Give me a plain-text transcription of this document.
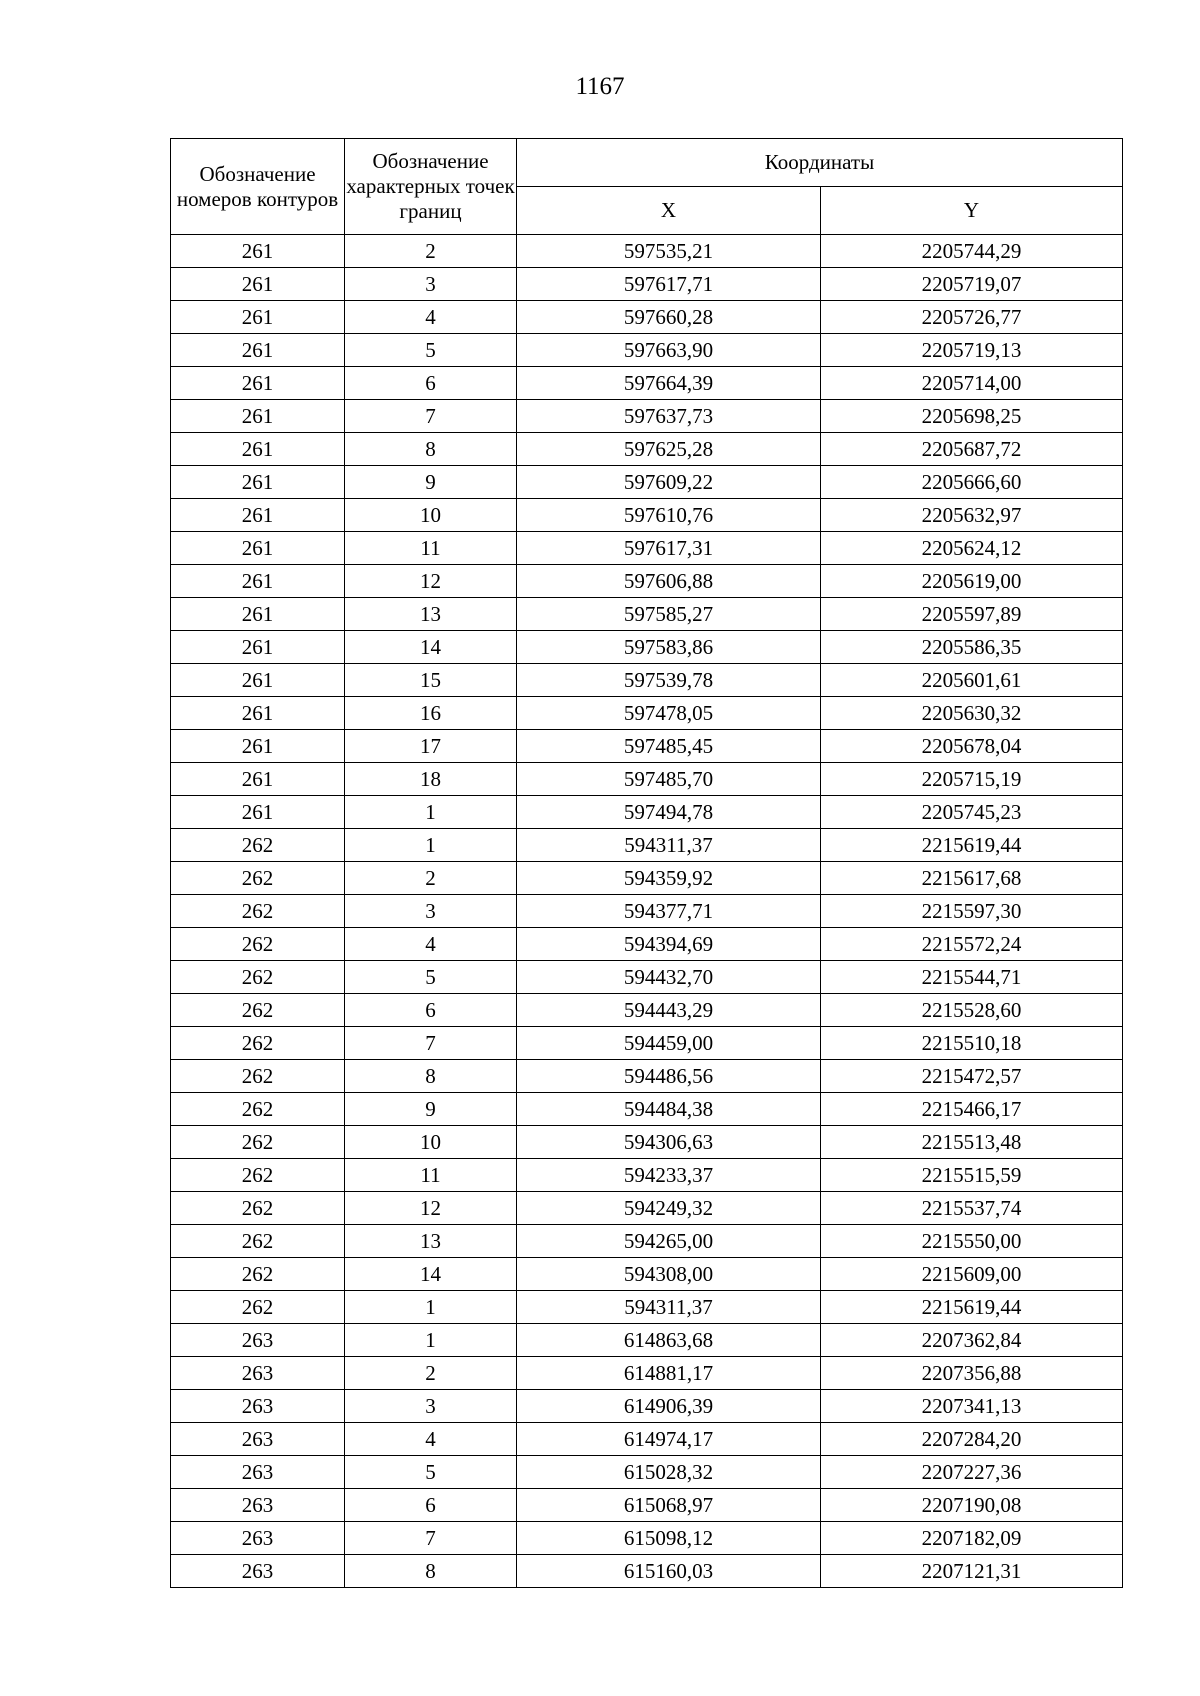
1167
Обозначение номеров контуров	Обозначение характерных точек границ	Координаты	
		X	Y
261	2	597535,21	2205744,29
261	3	597617,71	2205719,07
261	4	597660,28	2205726,77
261	5	597663,90	2205719,13
261	6	597664,39	2205714,00
261	7	597637,73	2205698,25
261	8	597625,28	2205687,72
261	9	597609,22	2205666,60
261	10	597610,76	2205632,97
261	11	597617,31	2205624,12
261	12	597606,88	2205619,00
261	13	597585,27	2205597,89
261	14	597583,86	2205586,35
261	15	597539,78	2205601,61
261	16	597478,05	2205630,32
261	17	597485,45	2205678,04
261	18	597485,70	2205715,19
261	1	597494,78	2205745,23
262	1	594311,37	2215619,44
262	2	594359,92	2215617,68
262	3	594377,71	2215597,30
262	4	594394,69	2215572,24
262	5	594432,70	2215544,71
262	6	594443,29	2215528,60
262	7	594459,00	2215510,18
262	8	594486,56	2215472,57
262	9	594484,38	2215466,17
262	10	594306,63	2215513,48
262	11	594233,37	2215515,59
262	12	594249,32	2215537,74
262	13	594265,00	2215550,00
262	14	594308,00	2215609,00
262	1	594311,37	2215619,44
263	1	614863,68	2207362,84
263	2	614881,17	2207356,88
263	3	614906,39	2207341,13
263	4	614974,17	2207284,20
263	5	615028,32	2207227,36
263	6	615068,97	2207190,08
263	7	615098,12	2207182,09
263	8	615160,03	2207121,31
